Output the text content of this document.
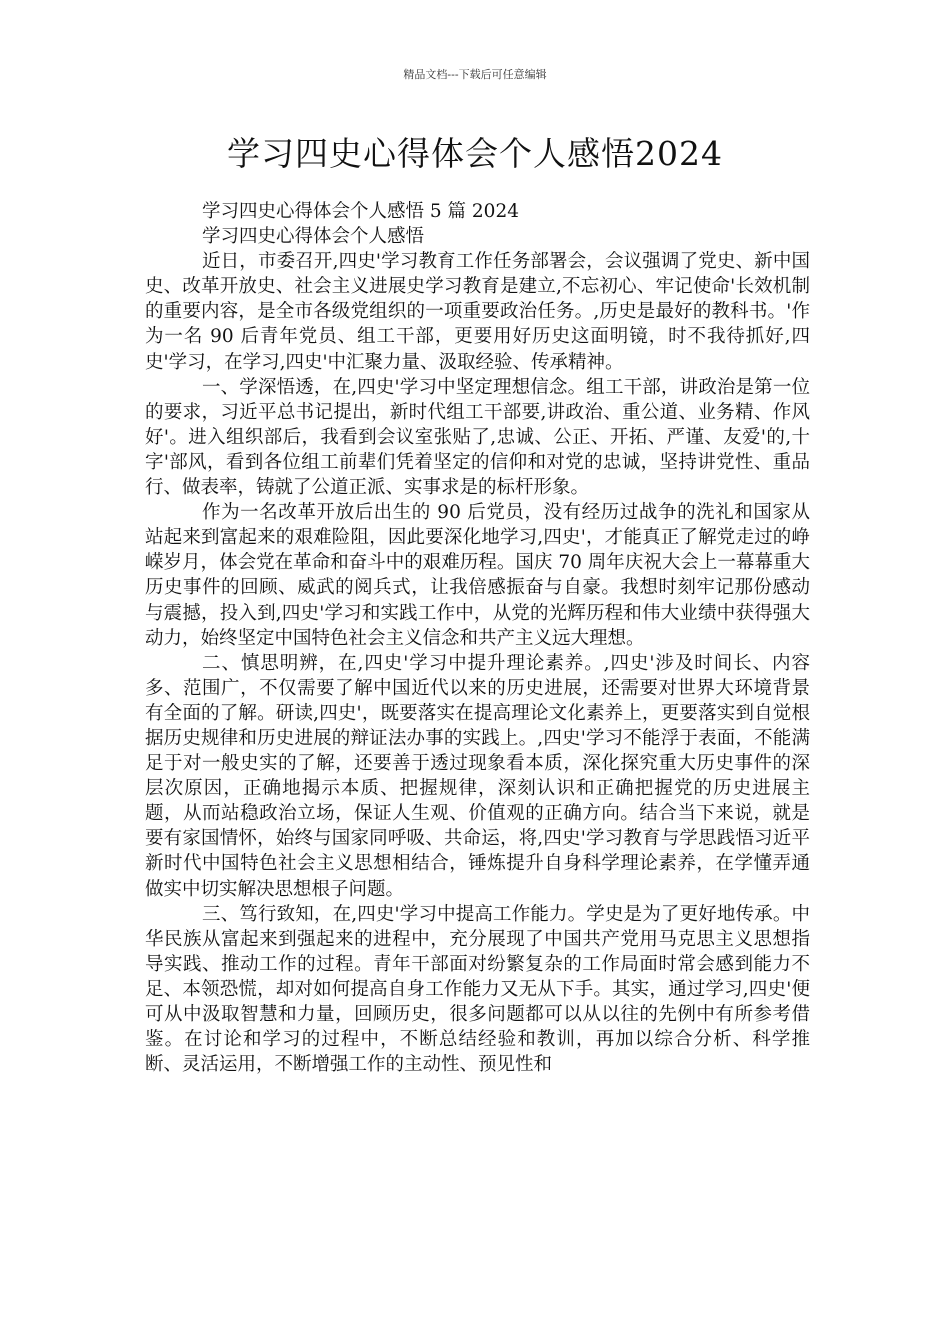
精品文档---下载后可任意编辑
学习四史心得体会个人感悟2024

学习四史心得体会个人感悟 5 篇 2024

学习四史心得体会个人感悟

近日，市委召开,四史'学习教育工作任务部署会，会议强调了党史、新中国史、改革开放史、社会主义进展史学习教育是建立,不忘初心、牢记使命'长效机制的重要内容，是全市各级党组织的一项重要政治任务。,历史是最好的教科书。'作为一名 90 后青年党员、组工干部，更要用好历史这面明镜，时不我待抓好,四史'学习，在学习,四史'中汇聚力量、汲取经验、传承精神。

一、学深悟透，在,四史'学习中坚定理想信念。组工干部，讲政治是第一位的要求，习近平总书记提出，新时代组工干部要,讲政治、重公道、业务精、作风好'。进入组织部后，我看到会议室张贴了,忠诚、公正、开拓、严谨、友爱'的,十字'部风，看到各位组工前辈们凭着坚定的信仰和对党的忠诚，坚持讲党性、重品行、做表率，铸就了公道正派、实事求是的标杆形象。

作为一名改革开放后出生的 90 后党员，没有经历过战争的洗礼和国家从站起来到富起来的艰难险阻，因此要深化地学习,四史'，才能真正了解党走过的峥嵘岁月，体会党在革命和奋斗中的艰难历程。国庆 70 周年庆祝大会上一幕幕重大历史事件的回顾、威武的阅兵式，让我倍感振奋与自豪。我想时刻牢记那份感动与震撼，投入到,四史'学习和实践工作中，从党的光辉历程和伟大业绩中获得强大动力，始终坚定中国特色社会主义信念和共产主义远大理想。

二、慎思明辨，在,四史'学习中提升理论素养。,四史'涉及时间长、内容多、范围广，不仅需要了解中国近代以来的历史进展，还需要对世界大环境背景有全面的了解。研读,四史'，既要落实在提高理论文化素养上，更要落实到自觉根据历史规律和历史进展的辩证法办事的实践上。,四史'学习不能浮于表面，不能满足于对一般史实的了解，还要善于透过现象看本质，深化探究重大历史事件的深层次原因，正确地揭示本质、把握规律，深刻认识和正确把握党的历史进展主题，从而站稳政治立场，保证人生观、价值观的正确方向。结合当下来说，就是要有家国情怀，始终与国家同呼吸、共命运，将,四史'学习教育与学思践悟习近平新时代中国特色社会主义思想相结合，锤炼提升自身科学理论素养，在学懂弄通做实中切实解决思想根子问题。

三、笃行致知，在,四史'学习中提高工作能力。学史是为了更好地传承。中华民族从富起来到强起来的进程中，充分展现了中国共产党用马克思主义思想指导实践、推动工作的过程。青年干部面对纷繁复杂的工作局面时常会感到能力不足、本领恐慌，却对如何提高自身工作能力又无从下手。其实，通过学习,四史'便可从中汲取智慧和力量，回顾历史，很多问题都可以从以往的先例中有所参考借鉴。在讨论和学习的过程中，不断总结经验和教训，再加以综合分析、科学推断、灵活运用，不断增强工作的主动性、预见性和
